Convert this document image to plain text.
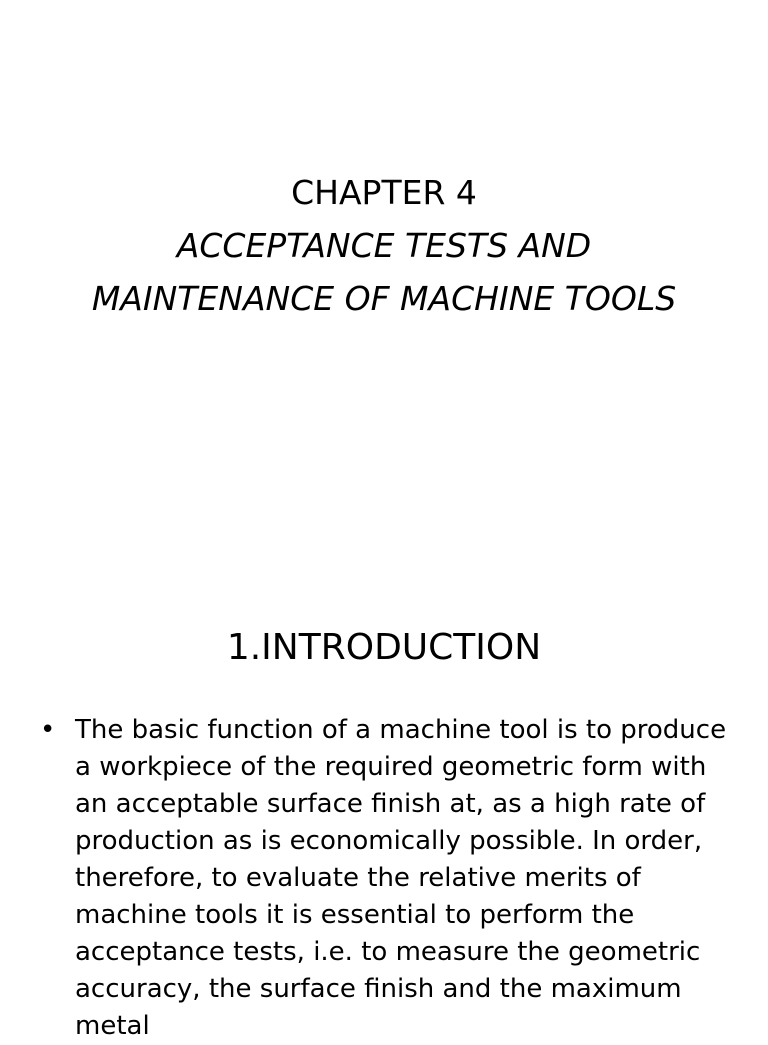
CHAPTER 4
ACCEPTANCE TESTS AND
MAINTENANCE OF MACHINE TOOLS
1.INTRODUCTION
• The basic function of a machine tool is to produce a workpiece of the required geometric form with an acceptable surface finish at, as a high rate of production as is economically possible. In order, therefore, to evaluate the relative merits of machine tools it is essential to perform the acceptance tests, i.e. to measure the geometric accuracy, the surface finish and the maximum metal
